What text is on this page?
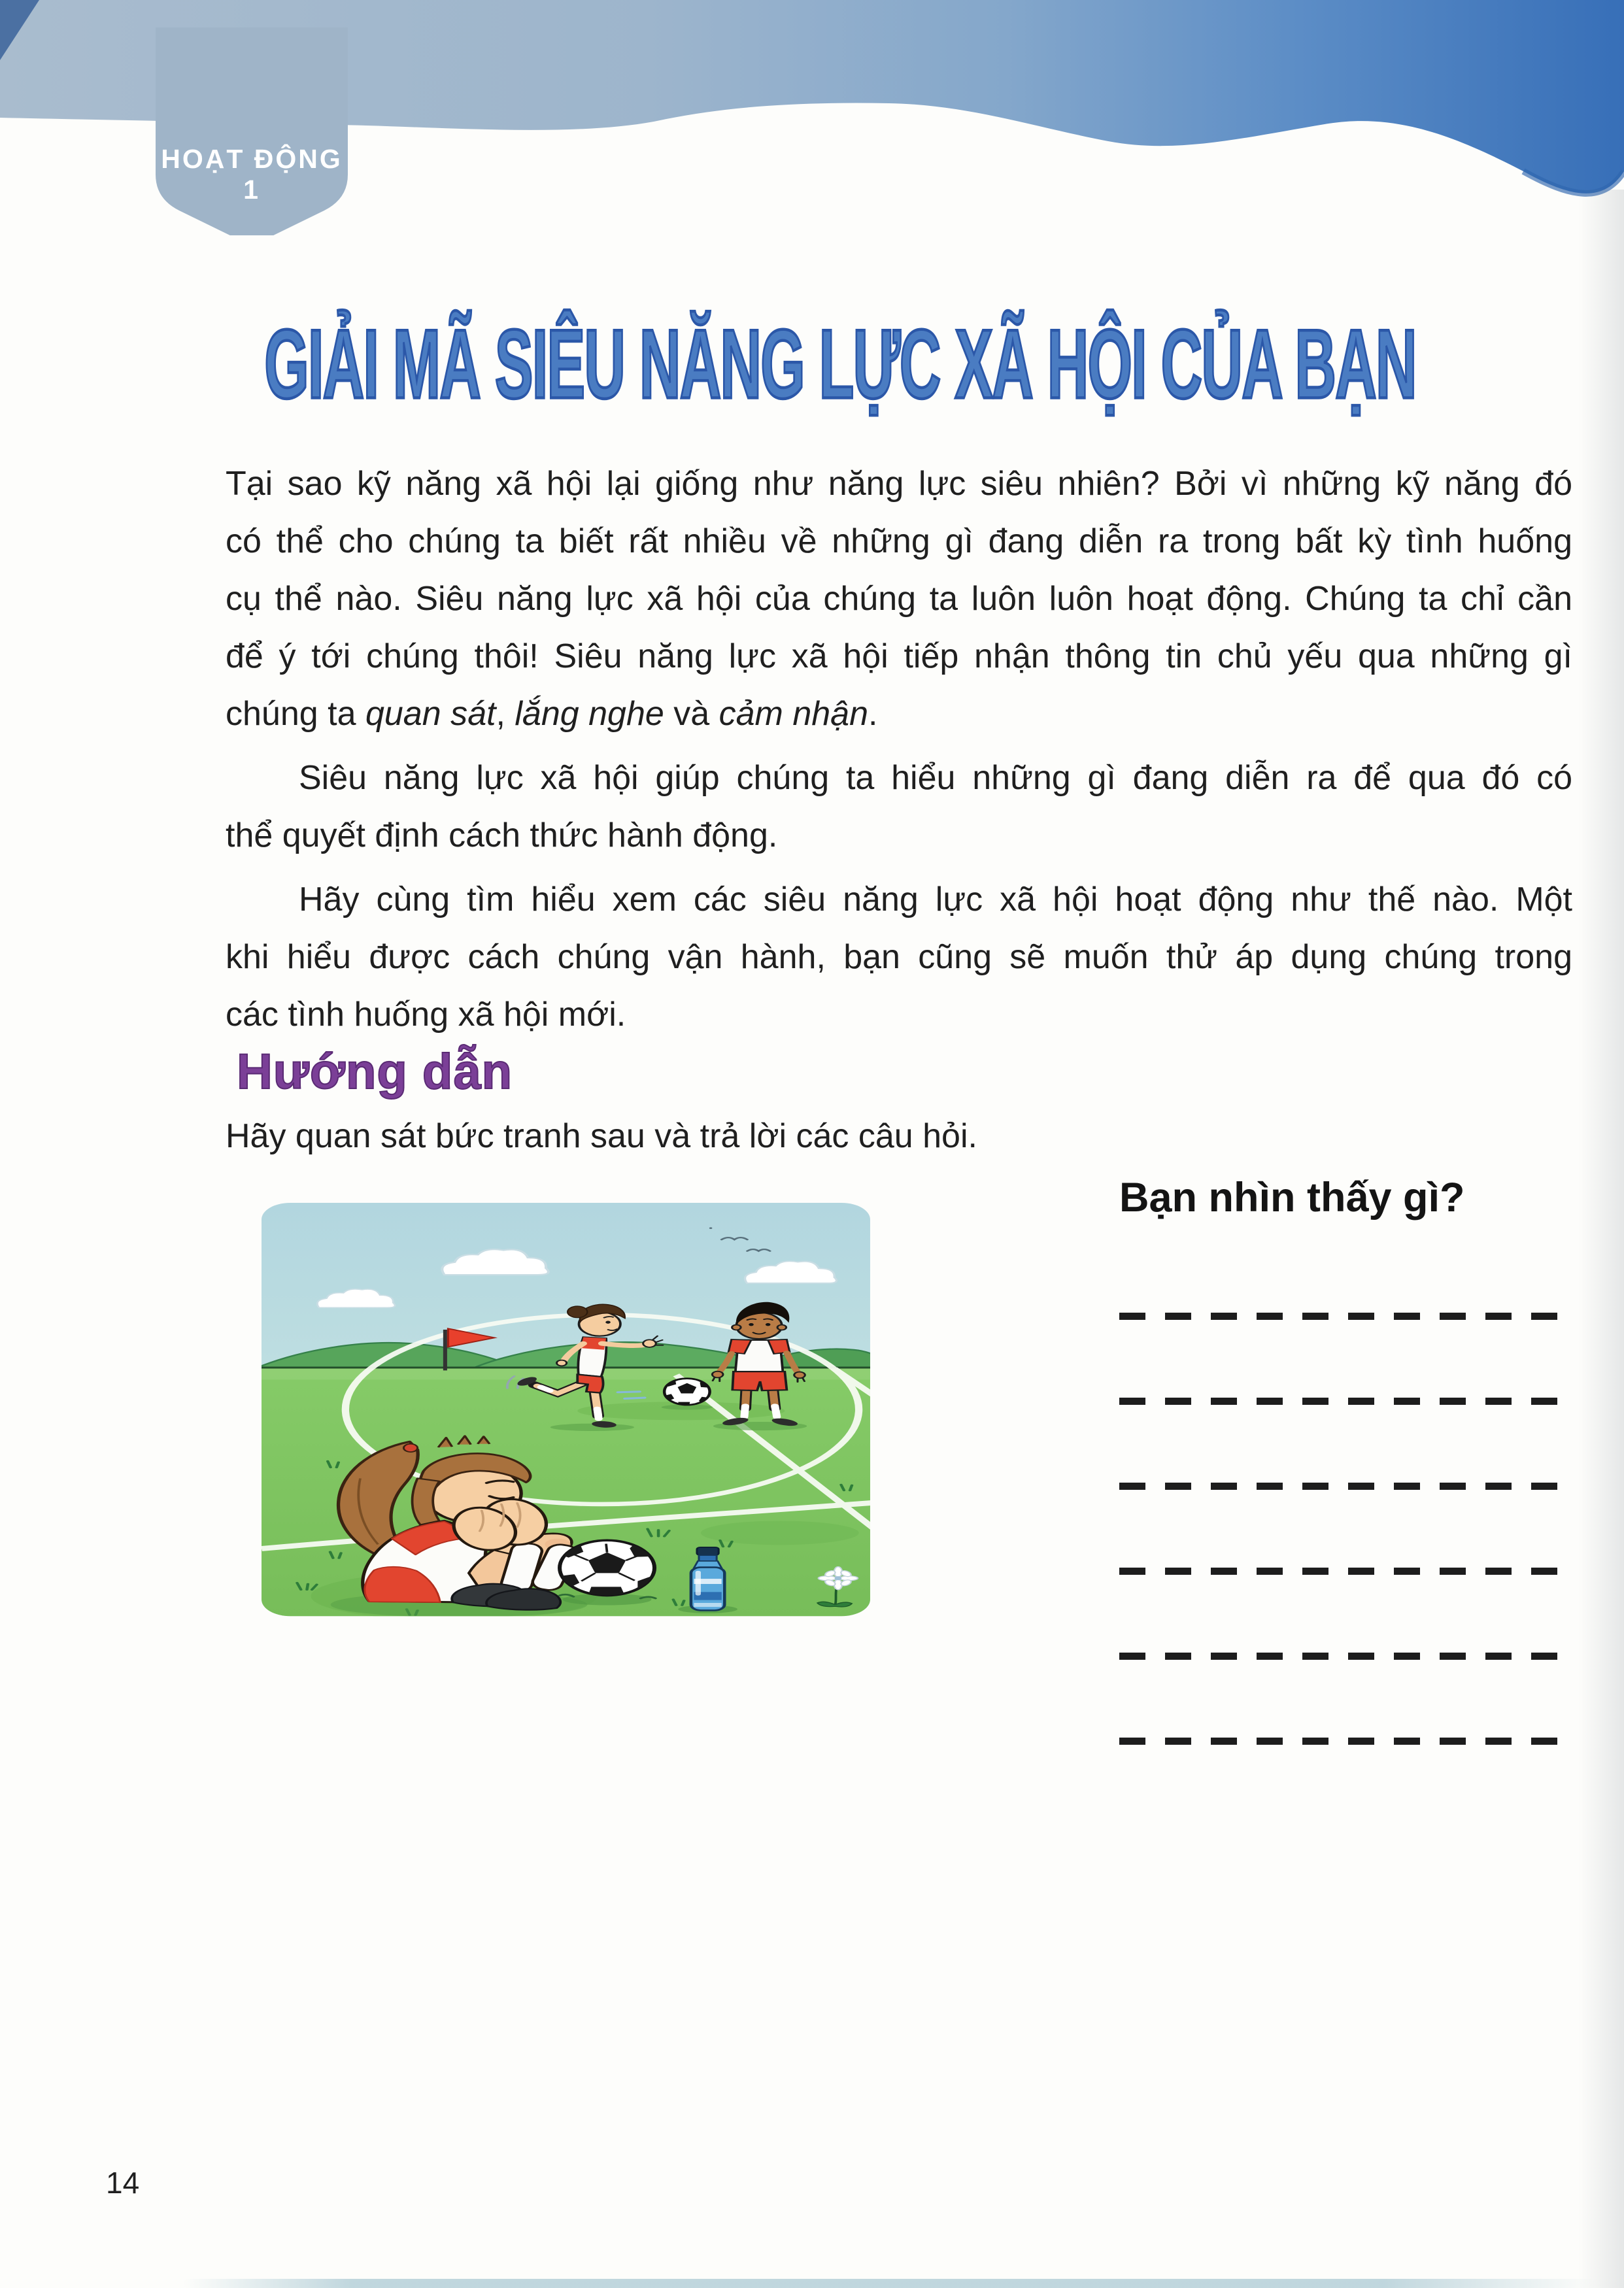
HOẠT ĐỘNG 1
GIẢI MÃ SIÊU NĂNG LỰC XÃ HỘI CỦA BẠN
Tại sao kỹ năng xã hội lại giống như năng lực siêu nhiên? Bởi vì những kỹ năng đó
có thể cho chúng ta biết rất nhiều về những gì đang diễn ra trong bất kỳ tình huống
cụ thể nào. Siêu năng lực xã hội của chúng ta luôn luôn hoạt động. Chúng ta chỉ cần
để ý tới chúng thôi! Siêu năng lực xã hội tiếp nhận thông tin chủ yếu qua những gì
chúng ta quan sát, lắng nghe và cảm nhận.
Siêu năng lực xã hội giúp chúng ta hiểu những gì đang diễn ra để qua đó có
thể quyết định cách thức hành động.
Hãy cùng tìm hiểu xem các siêu năng lực xã hội hoạt động như thế nào. Một
khi hiểu được cách chúng vận hành, bạn cũng sẽ muốn thử áp dụng chúng trong
các tình huống xã hội mới.
Hướng dẫn
Hãy quan sát bức tranh sau và trả lời các câu hỏi.
Bạn nhìn thấy gì?
14
